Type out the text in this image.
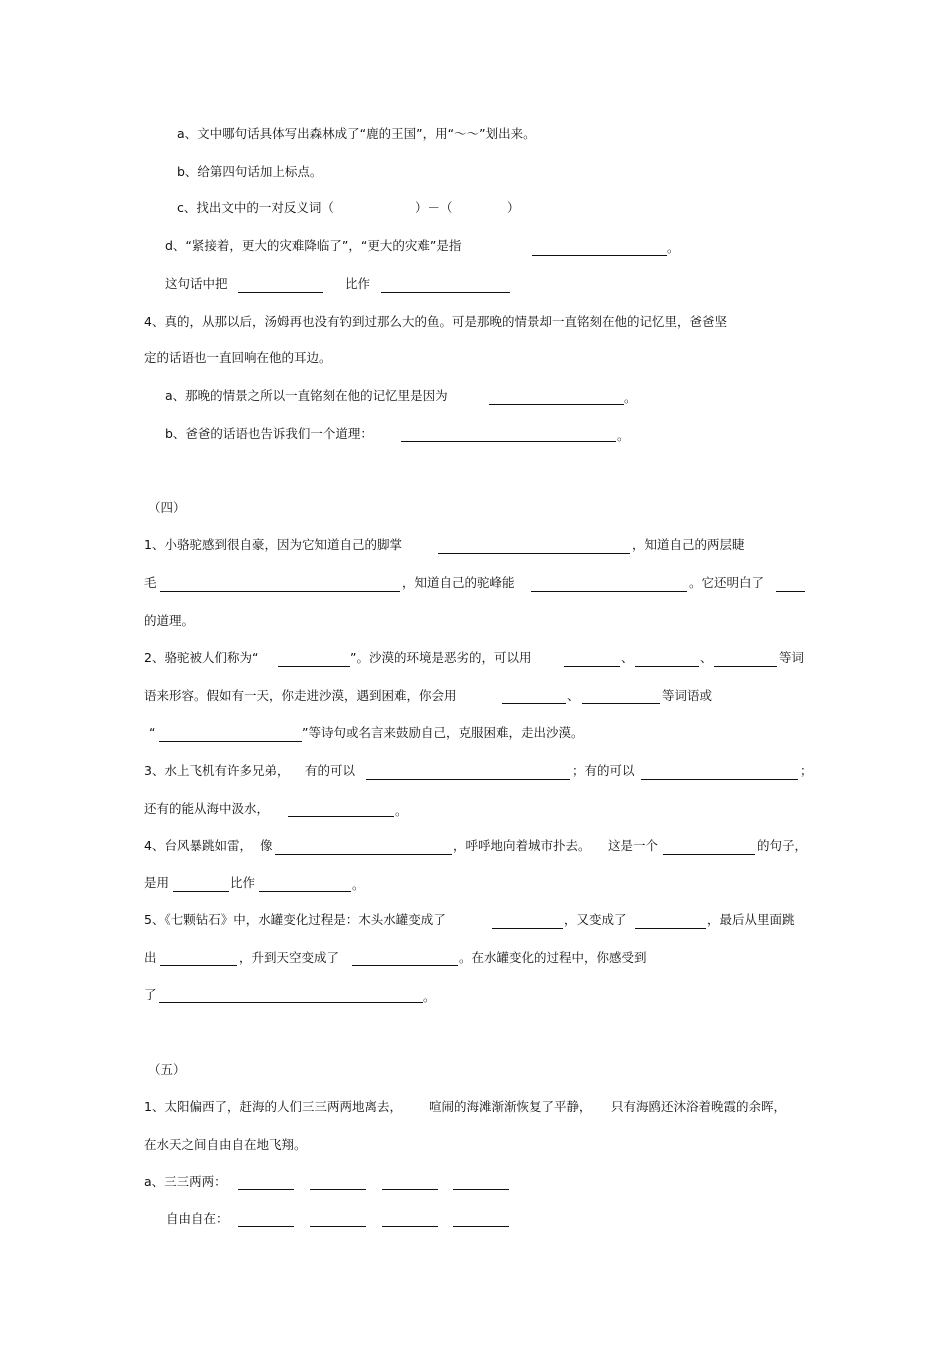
a、文中哪句话具体写出森林成了“鹿的王国”，用“～～”划出来。
b、给第四句话加上标点。
c、找出文中的一对反义词（	）－（	）
d、“紧接着，更大的灾难降临了”，“更大的灾难”是指	。
这句话中把	比作
4、真的，从那以后，汤姆再也没有钓到过那么大的鱼。可是那晚的情景却一直铭刻在他的记忆里，爸爸坚
定的话语也一直回响在他的耳边。
a、那晚的情景之所以一直铭刻在他的记忆里是因为	。
b、爸爸的话语也告诉我们一个道理：	。
（四）
1、小骆驼感到很自豪，因为它知道自己的脚掌	，知道自己的两层睫
毛	，知道自己的驼峰能	。它还明白了
的道理。
2、骆驼被人们称为“	”。沙漠的环境是恶劣的，可以用	、	、	等词
语来形容。假如有一天，你走进沙漠，遇到困难，你会用	、	等词语或
“	”等诗句或名言来鼓励自己，克服困难，走出沙漠。
3、水上飞机有许多兄弟， 有的可以	；有的可以	；
还有的能从海中汲水，	。
4、台风暴跳如雷， 像	，呼呼地向着城市扑去。 这是一个	的句子，
是用	比作	。
5、《七颗钻石》中，水罐变化过程是：木头水罐变成了	，又变成了	，最后从里面跳
出	，升到天空变成了	。在水罐变化的过程中，你感受到
了	。
（五）
1、太阳偏西了，赶海的人们三三两两地离去， 喧闹的海滩渐渐恢复了平静， 只有海鸥还沐浴着晚霞的余晖，
在水天之间自由自在地飞翔。
a、三三两两：
自由自在：
